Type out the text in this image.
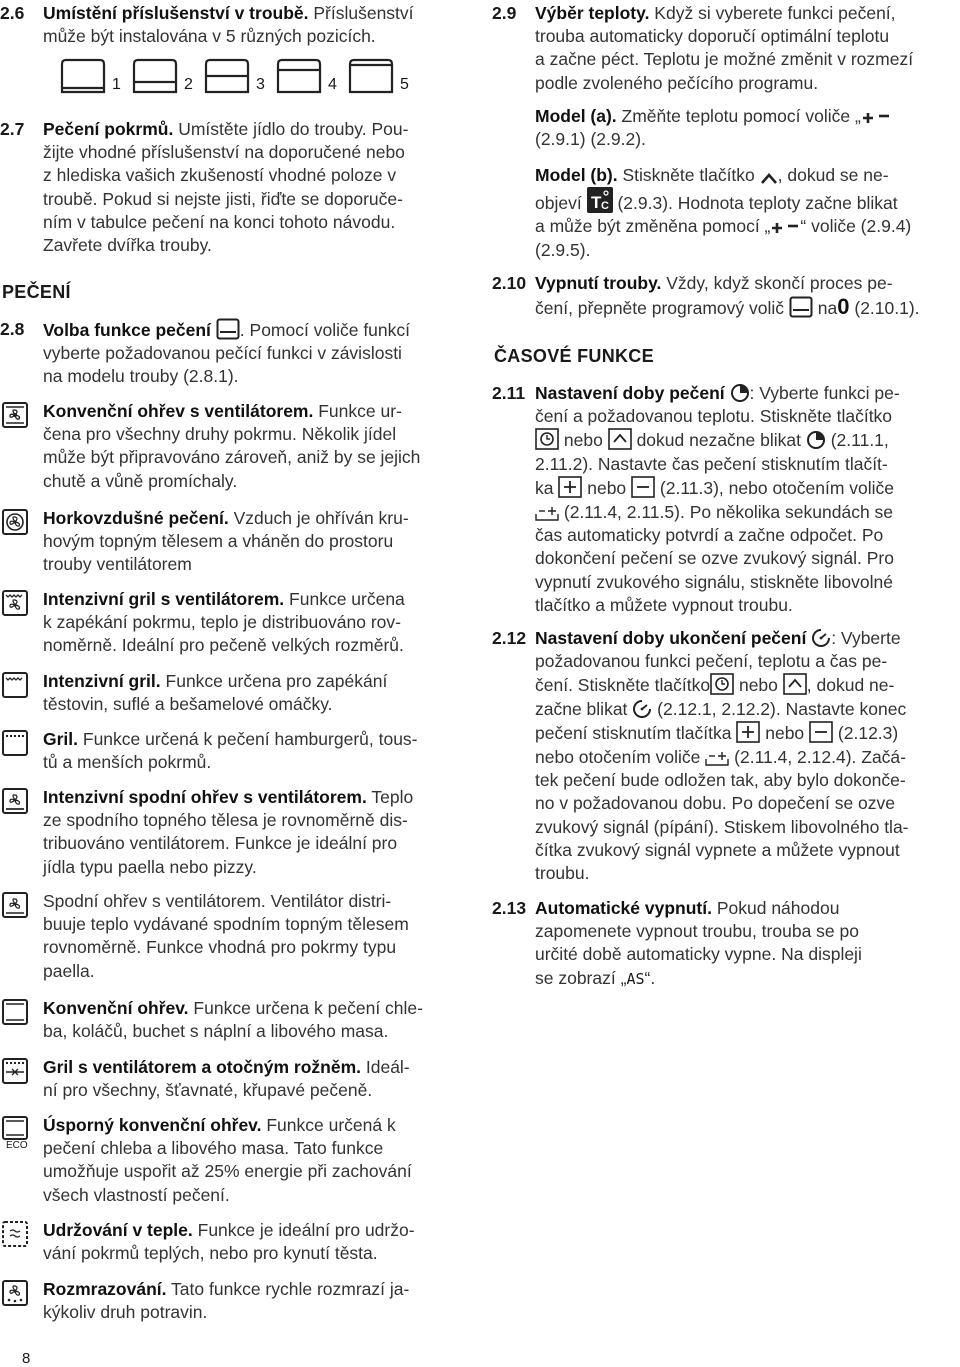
2.6 Umístění příslušenství v troubě. Příslušenství
může být instalována v 5 různých pozicích.
1	2	3	4	5
2.7 Pečení pokrmů. Umístěte jídlo do trouby. Pou-
žijte vhodné příslušenství na doporučené nebo
z hlediska vašich zkušeností vhodné poloze v
troubě. Pokud si nejste jisti, řiďte se doporuče-
ním v tabulce pečení na konci tohoto návodu.
Zavřete dvířka trouby.
PEČENÍ
2.8 Volba funkce pečení . Pomocí voliče funkcí
vyberte požadovanou pečící funkci v závislosti
na modelu trouby (2.8.1).
Konvenční ohřev s ventilátorem. Funkce ur-
čena pro všechny druhy pokrmu. Několik jídel
může být připravováno zároveň, aniž by se jejich
chutě a vůně promíchaly.
Horkovzdušné pečení. Vzduch je ohříván kru-
hovým topným tělesem a vháněn do prostoru
trouby ventilátorem
Intenzivní gril s ventilátorem. Funkce určena
k zapékání pokrmu, teplo je distribuováno rov-
noměrně. Ideální pro pečeně velkých rozměrů.
Intenzivní gril. Funkce určena pro zapékání
těstovin, suflé a bešamelové omáčky.
Gril. Funkce určená k pečení hamburgerů, tous-
tů a menších pokrmů.
Intenzivní spodní ohřev s ventilátorem. Teplo
ze spodního topného tělesa je rovnoměrně dis-
tribuováno ventilátorem. Funkce je ideální pro
jídla typu paella nebo pizzy.
Spodní ohřev s ventilátorem. Ventilátor distri-
buuje teplo vydávané spodním topným tělesem
rovnoměrně. Funkce vhodná pro pokrmy typu
paella.
Konvenční ohřev. Funkce určena k pečení chle-
ba, koláčů, buchet s náplní a libového masa.
Gril s ventilátorem a otočným rožněm. Ideál-
ní pro všechny, šťavnaté, křupavé pečeně.
ECO
Úsporný konvenční ohřev. Funkce určená k
pečení chleba a libového masa. Tato funkce
umožňuje uspořit až 25% energie při zachování
všech vlastností pečení.
Udržování v teple. Funkce je ideální pro udržo-
vání pokrmů teplých, nebo pro kynutí těsta.
Rozmrazování. Tato funkce rychle rozmrazí ja-
kýkoliv druh potravin.
8
2.9 Výběr teploty. Když si vyberete funkci pečení,
trouba automaticky doporučí optimální teplotu
a začne péct. Teplotu je možné změnit v rozmezí
podle zvoleného pečícího programu.
Model (a). Změňte teplotu pomocí voliče „

(2.9.1) (2.9.2).
Model (b). Stiskněte tlačítko , dokud se ne-
objeví T C (2.9.3). Hodnota teploty začne blikat
a může být změněna pomocí „ “ voliče (2.9.4)
(2.9.5).
2.10 Vypnutí trouby. Vždy, když skončí proces pe-
čení, přepněte programový volič na0 (2.10.1).
ČASOVÉ FUNKCE
2.11 Nastavení doby pečení : Vyberte funkci pe-
čení a požadovanou teplotu. Stiskněte tlačítko

nebo dokud nezačne blikat (2.11.1,
2.11.2). Nastavte čas pečení stisknutím tlačít-
ka nebo (2.11.3), nebo otočením voliče

(2.11.4, 2.11.5). Po několika sekundách se
čas automaticky potvrdí a začne odpočet. Po
dokončení pečení se ozve zvukový signál. Pro
vypnutí zvukového signálu, stiskněte libovolné
tlačítko a můžete vypnout troubu.
2.12 Nastavení doby ukončení pečení : Vyberte
požadovanou funkci pečení, teplotu a čas pe-
čení. Stiskněte tlačítko nebo , dokud ne-
začne blikat (2.12.1, 2.12.2). Nastavte konec
pečení stisknutím tlačítka nebo (2.12.3)
nebo otočením voliče (2.11.4, 2.12.4). Začá-
tek pečení bude odložen tak, aby bylo dokonče-
no v požadovanou dobu. Po dopečení se ozve
zvukový signál (pípání). Stiskem libovolného tla-
čítka zvukový signál vypnete a můžete vypnout
troubu.
2.13 Automatické vypnutí. Pokud náhodou
zapomenete vypnout troubu, trouba se po
určité době automaticky vypne. Na displeji
se zobrazí „AS“.
